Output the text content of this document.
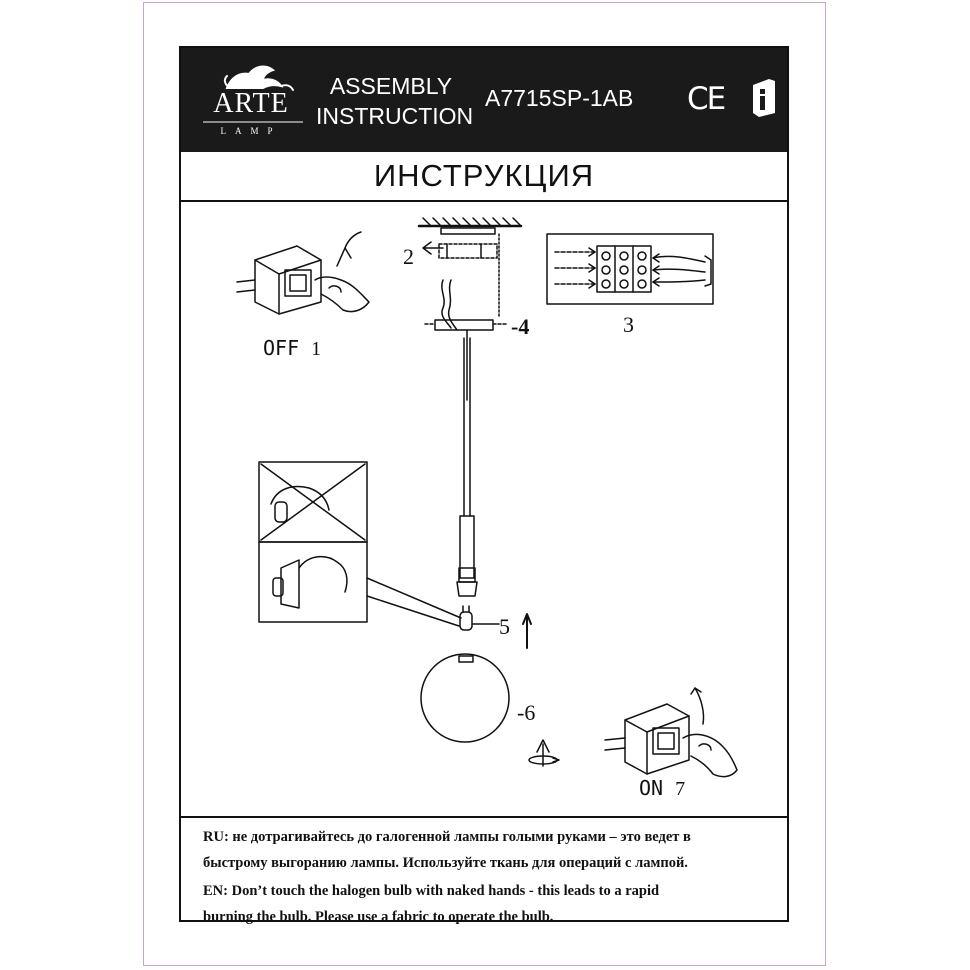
ARTE
LAMP
ASSEMBLY
INSTRUCTION
A7715SP-1AB CE
ИНСТРУКЦИЯ
OFF 1
2
3
-4
5
-6
ON 7
RU: не дотрагивайтесь до галогенной лампы голыми руками – это ведет в
быстрому выгоранию лампы. Используйте ткань для операций с лампой.
EN: Don’t touch the halogen bulb with naked hands - this leads to a rapid
burning the bulb. Please use a fabric to operate the bulb.
